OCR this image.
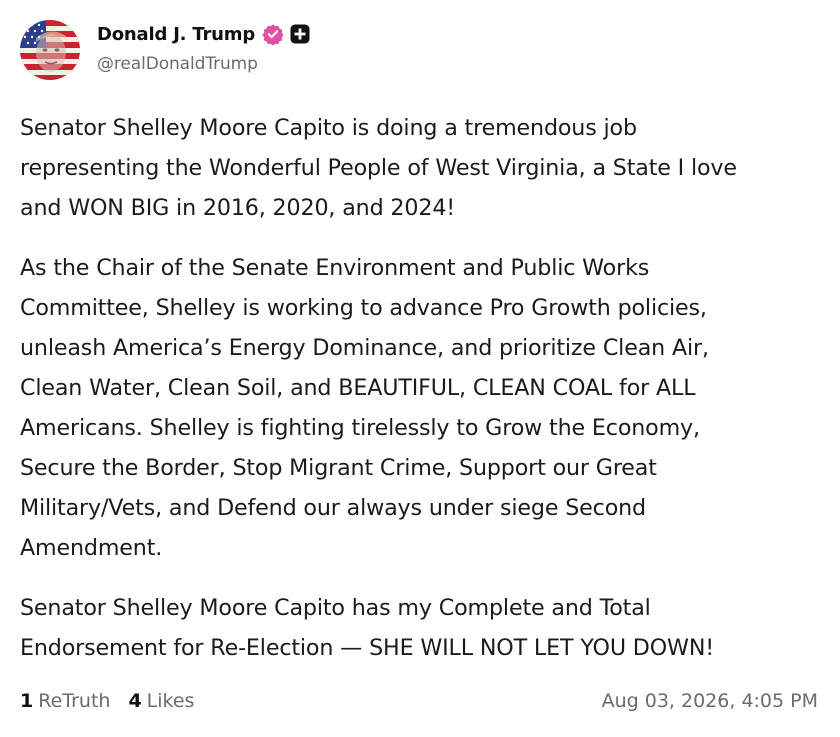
Donald J. Trump
@realDonaldTrump

Senator Shelley Moore Capito is doing a tremendous job
representing the Wonderful People of West Virginia, a State I love
and WON BIG in 2016, 2020, and 2024!

As the Chair of the Senate Environment and Public Works
Committee, Shelley is working to advance Pro Growth policies,
unleash America’s Energy Dominance, and prioritize Clean Air,
Clean Water, Clean Soil, and BEAUTIFUL, CLEAN COAL for ALL
Americans. Shelley is fighting tirelessly to Grow the Economy,
Secure the Border, Stop Migrant Crime, Support our Great
Military/Vets, and Defend our always under siege Second
Amendment.

Senator Shelley Moore Capito has my Complete and Total
Endorsement for Re-Election — SHE WILL NOT LET YOU DOWN!

1 ReTruth 4 Likes	Aug 03, 2026, 4:05 PM
